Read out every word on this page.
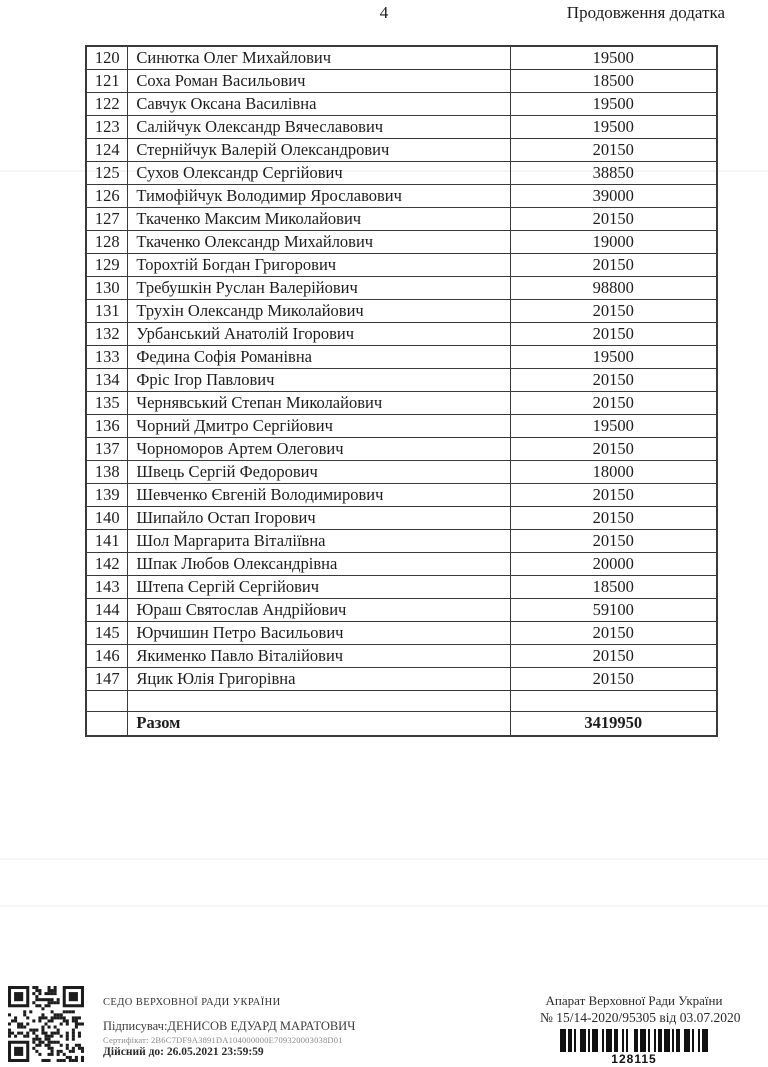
4	Продовження додатка
120	Синютка Олег Михайлович	19500
121	Соха Роман Васильович	18500
122	Савчук Оксана Василівна	19500
123	Салійчук Олександр Вячеславович	19500
124	Стернійчук Валерій Олександрович	20150
125	Сухов Олександр Сергійович	38850
126	Тимофійчук Володимир Ярославович	39000
127	Ткаченко Максим Миколайович	20150
128	Ткаченко Олександр Михайлович	19000
129	Торохтій Богдан Григорович	20150
130	Требушкін Руслан Валерійович	98800
131	Трухін Олександр Миколайович	20150
132	Урбанський Анатолій Ігорович	20150
133	Федина Софія Романівна	19500
134	Фріс Ігор Павлович	20150
135	Чернявський Степан Миколайович	20150
136	Чорний Дмитро Сергійович	19500
137	Чорноморов Артем Олегович	20150
138	Швець Сергій Федорович	18000
139	Шевченко Євгеній Володимирович	20150
140	Шипайло Остап Ігорович	20150
141	Шол Маргарита Віталіївна	20150
142	Шпак Любов Олександрівна	20000
143	Штепа Сергій Сергійович	18500
144	Юраш Святослав Андрійович	59100
145	Юрчишин Петро Васильович	20150
146	Якименко Павло Віталійович	20150
147	Яцик Юлія Григорівна	20150

	Разом	3419950
СЕДО ВЕРХОВНОЇ РАДИ УКРАЇНИ
Підписувач:ДЕНИСОВ ЕДУАРД МАРАТОВИЧ
Сертифікат: 2B6C7DF9A3891DA104000000E709320003038D01
Дійсний до: 26.05.2021 23:59:59
Апарат Верховної Ради України
№ 15/14-2020/95305 від 03.07.2020
128115
